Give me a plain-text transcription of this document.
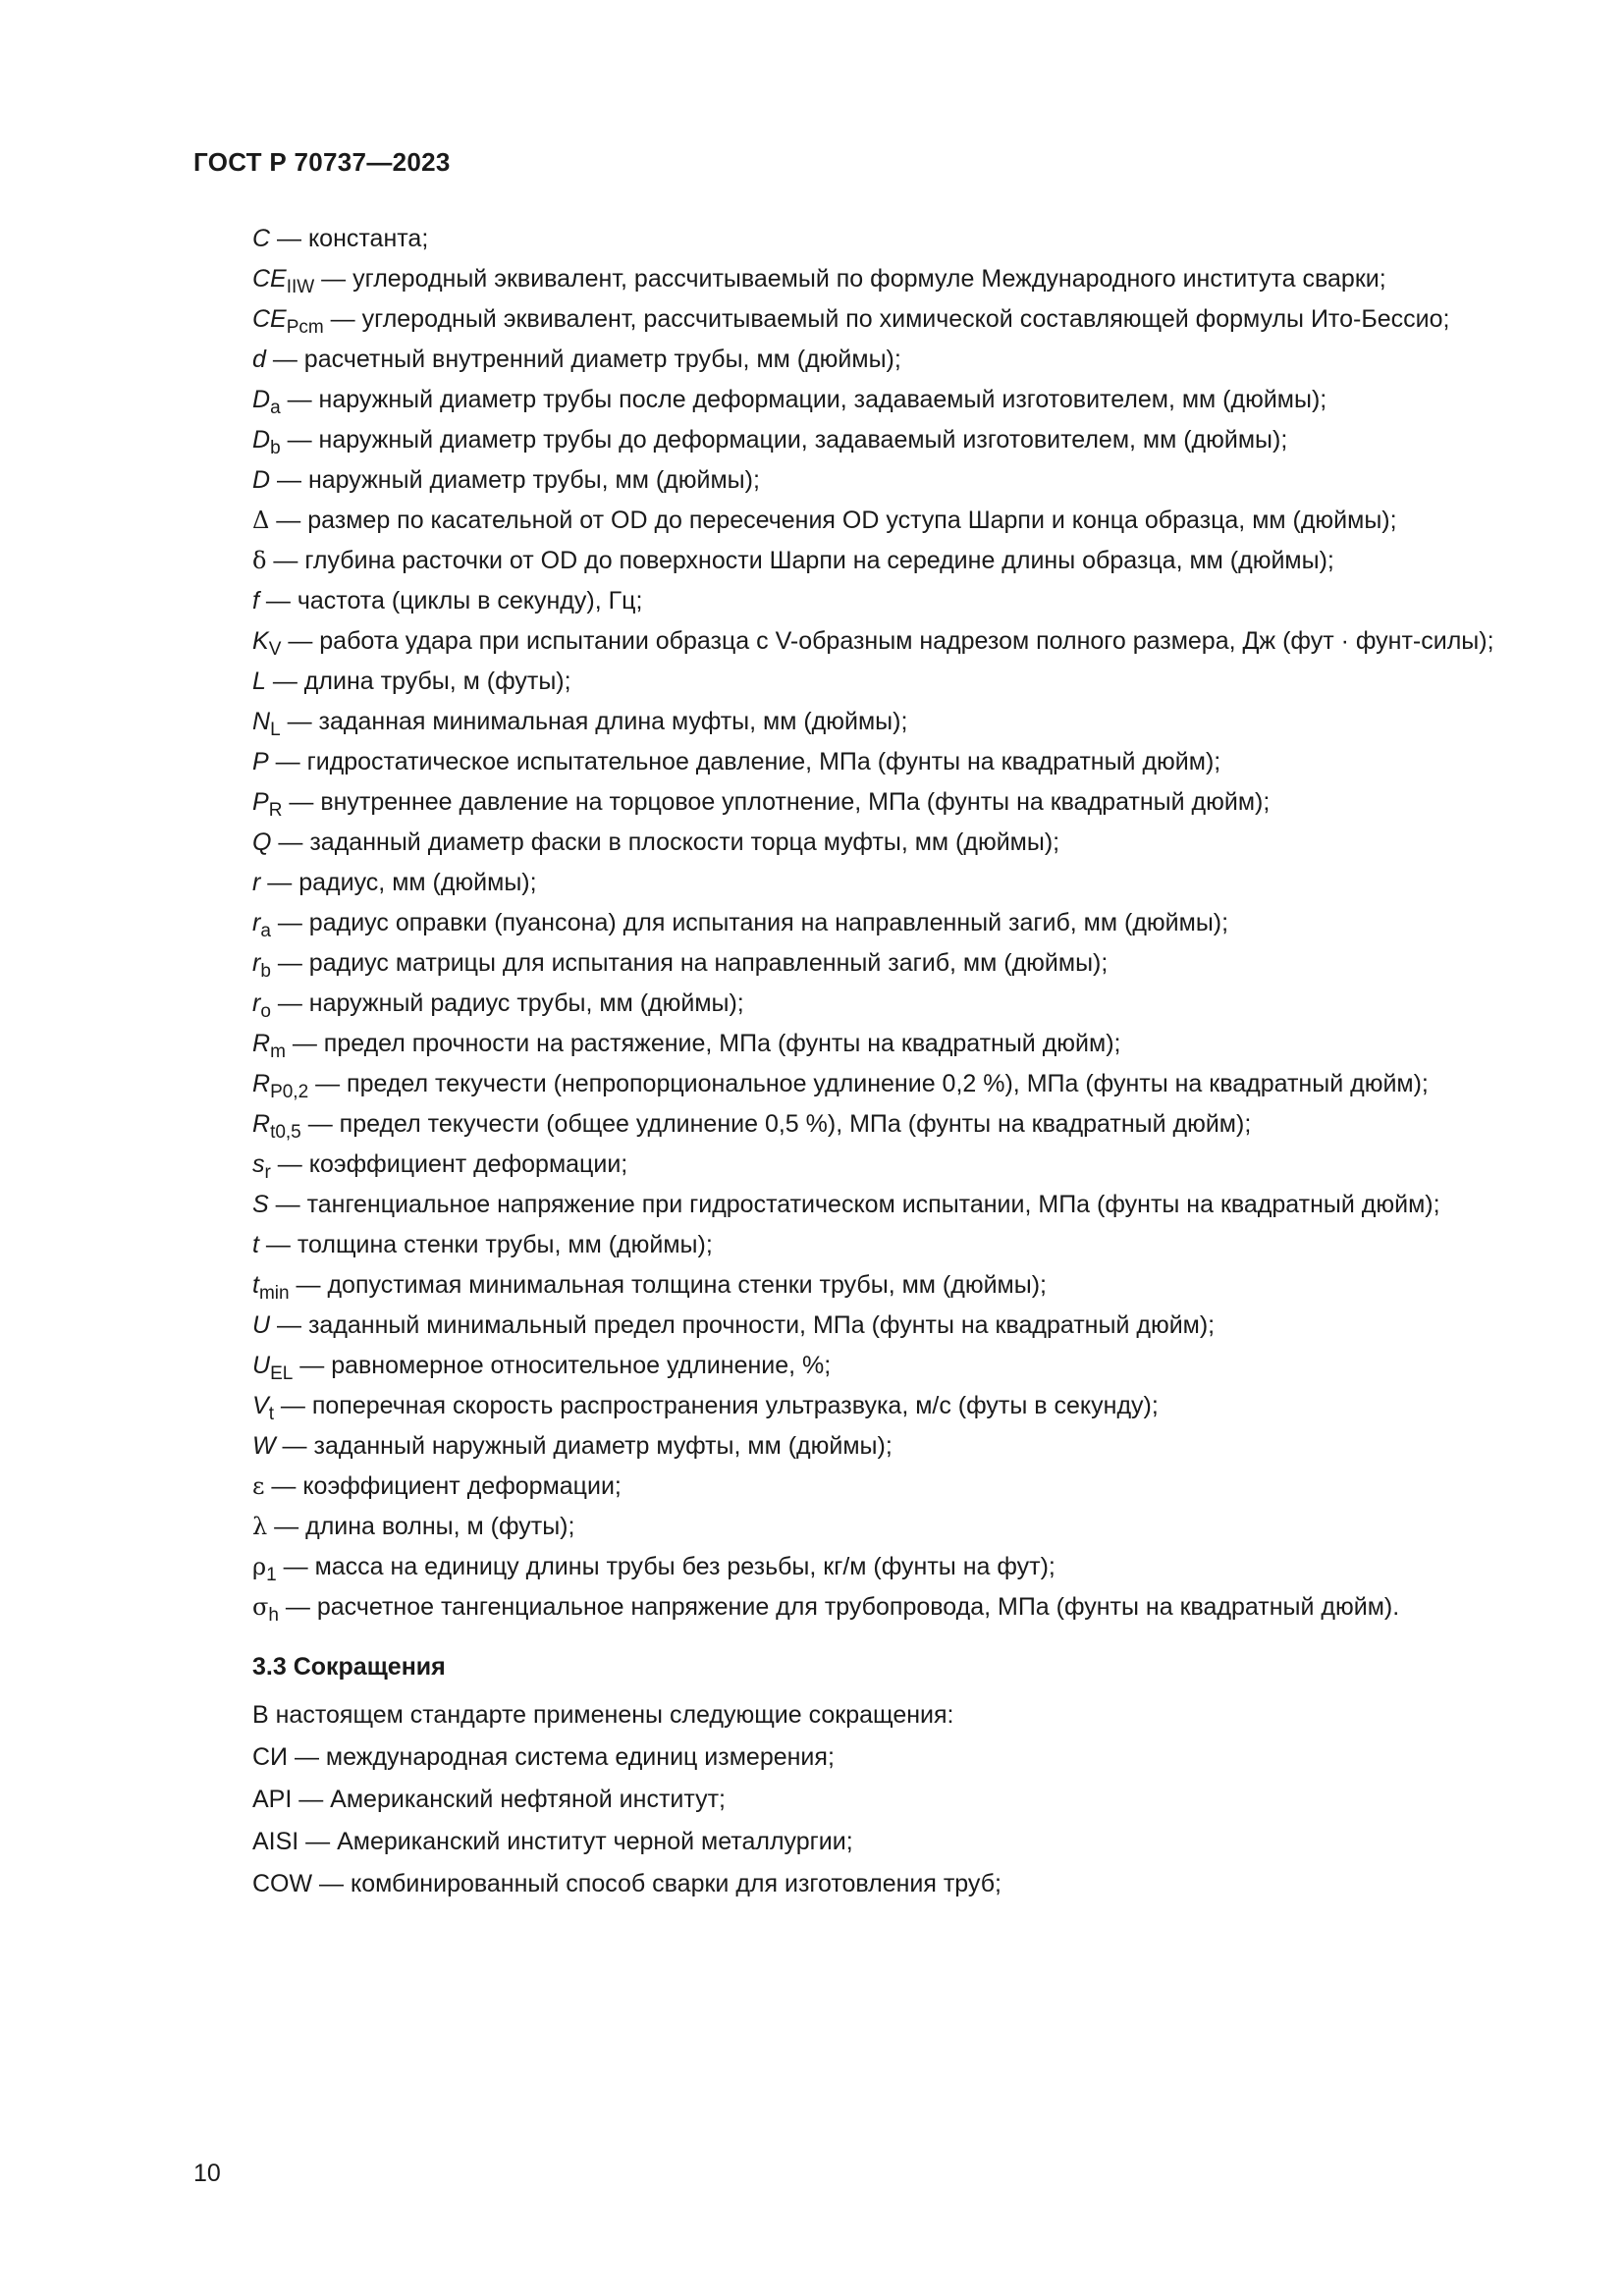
ГОСТ Р 70737—2023

C — константа;

$CE_{IIW}$ — углеродный эквивалент, рассчитываемый по формуле Международного института сварки;

$CE_{Pcm}$ — углеродный эквивалент, рассчитываемый по химической составляющей формулы Ито-Бессио;

d — расчетный внутренний диаметр трубы, мм (дюймы);

$D_a$ — наружный диаметр трубы после деформации, задаваемый изготовителем, мм (дюймы);

$D_b$ — наружный диаметр трубы до деформации, задаваемый изготовителем, мм (дюймы);

D — наружный диаметр трубы, мм (дюймы);

Δ — размер по касательной от OD до пересечения OD уступа Шарпи и конца образца, мм (дюймы);

δ — глубина расточки от OD до поверхности Шарпи на середине длины образца, мм (дюймы);

f — частота (циклы в секунду), Гц;

$K_V$ — работа удара при испытании образца с V-образным надрезом полного размера, Дж (фут · фунт-силы);

L — длина трубы, м (футы);

$N_L$ — заданная минимальная длина муфты, мм (дюймы);

P — гидростатическое испытательное давление, МПа (фунты на квадратный дюйм);

$P_R$ — внутреннее давление на торцовое уплотнение, МПа (фунты на квадратный дюйм);

Q — заданный диаметр фаски в плоскости торца муфты, мм (дюймы);

r — радиус, мм (дюймы);

$r_a$ — радиус оправки (пуансона) для испытания на направленный загиб, мм (дюймы);

$r_b$ — радиус матрицы для испытания на направленный загиб, мм (дюймы);

$r_o$ — наружный радиус трубы, мм (дюймы);

$R_m$ — предел прочности на растяжение, МПа (фунты на квадратный дюйм);

$R_{P0,2}$ — предел текучести (непропорциональное удлинение 0,2 %), МПа (фунты на квадратный дюйм);

$R_{t0,5}$ — предел текучести (общее удлинение 0,5 %), МПа (фунты на квадратный дюйм);

$s_r$ — коэффициент деформации;

S — тангенциальное напряжение при гидростатическом испытании, МПа (фунты на квадратный дюйм);

t — толщина стенки трубы, мм (дюймы);

$t_{min}$ — допустимая минимальная толщина стенки трубы, мм (дюймы);

U — заданный минимальный предел прочности, МПа (фунты на квадратный дюйм);

$U_{EL}$ — равномерное относительное удлинение, %;

$V_t$ — поперечная скорость распространения ультразвука, м/с (футы в секунду);

W — заданный наружный диаметр муфты, мм (дюймы);

ε — коэффициент деформации;

λ — длина волны, м (футы);

$\rho_1$ — масса на единицу длины трубы без резьбы, кг/м (фунты на фут);

$\sigma_h$ — расчетное тангенциальное напряжение для трубопровода, МПа (фунты на квадратный дюйм).

3.3 Сокращения

В настоящем стандарте применены следующие сокращения:

СИ — международная система единиц измерения;

API — Американский нефтяной институт;

AISI — Американский институт черной металлургии;

COW — комбинированный способ сварки для изготовления труб;

10
